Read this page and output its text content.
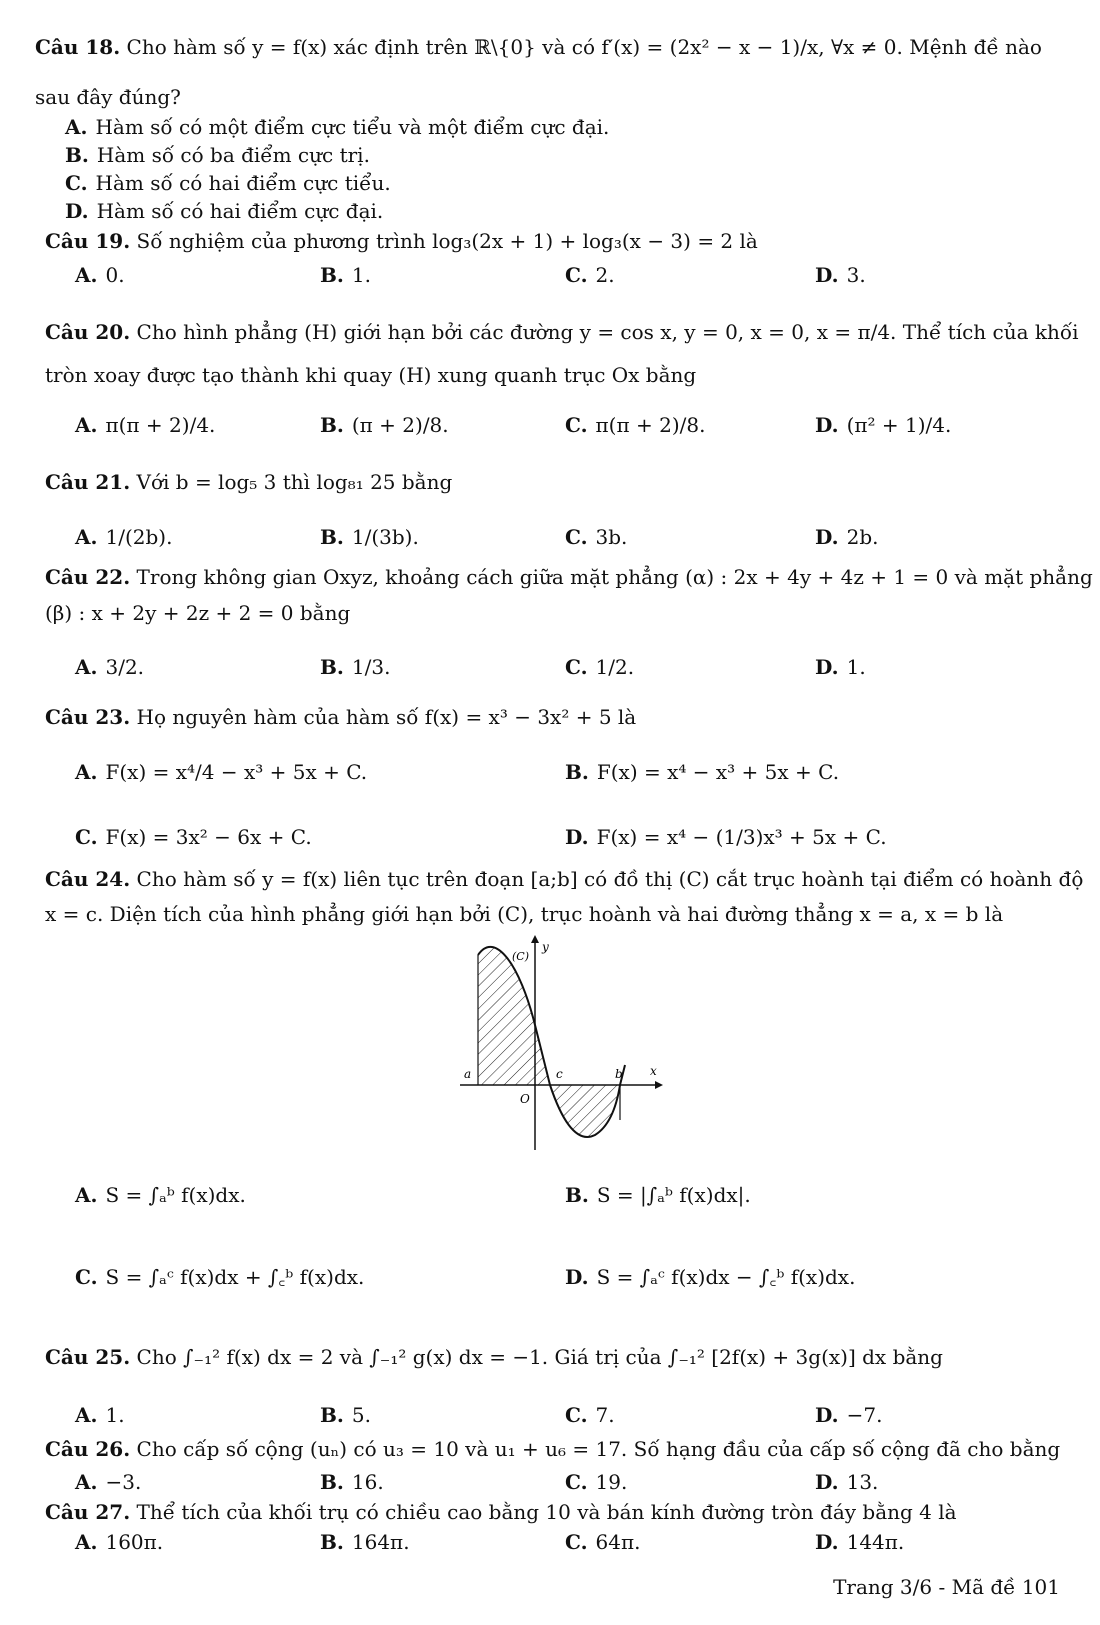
Câu 18. Cho hàm số y = f(x) xác định trên ℝ\{0} và có f′(x) = (2x² − x − 1)/x, ∀x ≠ 0. Mệnh đề nào
sau đây đúng?
A. Hàm số có một điểm cực tiểu và một điểm cực đại.
B. Hàm số có ba điểm cực trị.
C. Hàm số có hai điểm cực tiểu.
D. Hàm số có hai điểm cực đại.
Câu 19. Số nghiệm của phương trình log₃(2x + 1) + log₃(x − 3) = 2 là
A. 0.	B. 1.	C. 2.	D. 3.
Câu 20. Cho hình phẳng (H) giới hạn bởi các đường y = cos x, y = 0, x = 0, x = π/4. Thể tích của khối
tròn xoay được tạo thành khi quay (H) xung quanh trục Ox bằng
A. π(π + 2)/4.	B. (π + 2)/8.	C. π(π + 2)/8.	D. (π² + 1)/4.
Câu 21. Với b = log₅ 3 thì log₈₁ 25 bằng
A. 1/(2b).	B. 1/(3b).	C. 3b.	D. 2b.
Câu 22. Trong không gian Oxyz, khoảng cách giữa mặt phẳng (α) : 2x + 4y + 4z + 1 = 0 và mặt phẳng
(β) : x + 2y + 2z + 2 = 0 bằng
A. 3/2.	B. 1/3.	C. 1/2.	D. 1.
Câu 23. Họ nguyên hàm của hàm số f(x) = x³ − 3x² + 5 là
A. F(x) = x⁴/4 − x³ + 5x + C.	B. F(x) = x⁴ − x³ + 5x + C.
C. F(x) = 3x² − 6x + C.	D. F(x) = x⁴ − (1/3)x³ + 5x + C.
Câu 24. Cho hàm số y = f(x) liên tục trên đoạn [a;b] có đồ thị (C) cắt trục hoành tại điểm có hoành độ
x = c. Diện tích của hình phẳng giới hạn bởi (C), trục hoành và hai đường thẳng x = a, x = b là
y
x
O
a	b
c
(C)
A. S = ∫ₐᵇ f(x)dx.	B. S = |∫ₐᵇ f(x)dx|.
C. S = ∫ₐᶜ f(x)dx + ∫꜀ᵇ f(x)dx.	D. S = ∫ₐᶜ f(x)dx − ∫꜀ᵇ f(x)dx.
Câu 25. Cho ∫₋₁² f(x) dx = 2 và ∫₋₁² g(x) dx = −1. Giá trị của ∫₋₁² [2f(x) + 3g(x)] dx bằng
A. 1.	B. 5.	C. 7.	D. −7.
Câu 26. Cho cấp số cộng (uₙ) có u₃ = 10 và u₁ + u₆ = 17. Số hạng đầu của cấp số cộng đã cho bằng
A. −3.	B. 16.	C. 19.	D. 13.
Câu 27. Thể tích của khối trụ có chiều cao bằng 10 và bán kính đường tròn đáy bằng 4 là
A. 160π.	B. 164π.	C. 64π.	D. 144π.
Trang 3/6 - Mã đề 101
